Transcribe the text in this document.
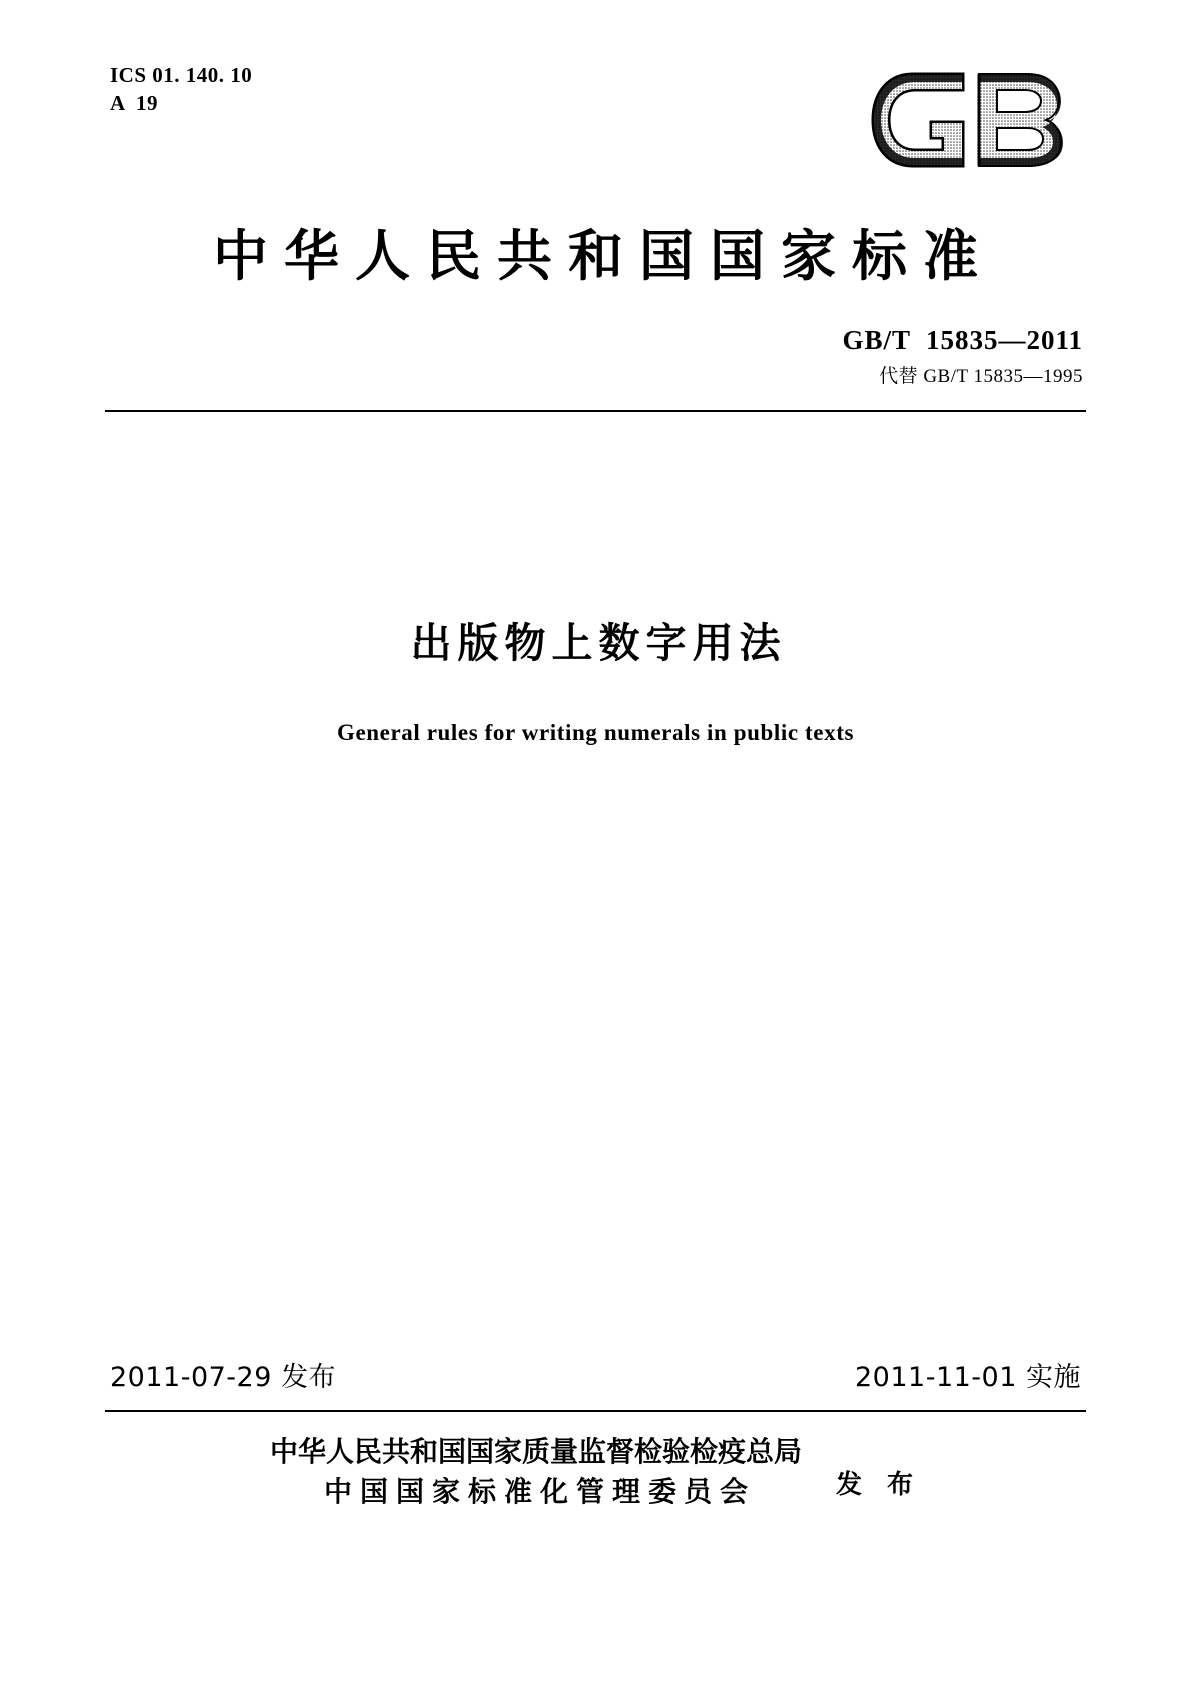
ICS 01. 140. 10
A  19
中华人民共和国国家标准
GB/T  15835—2011
代替 GB/T 15835—1995
出版物上数字用法
General rules for writing numerals in public texts
2011-07-29 发布	2011-11-01 实施
中华人民共和国国家质量监督检验检疫总局
中国国家标准化管理委员会	发 布
